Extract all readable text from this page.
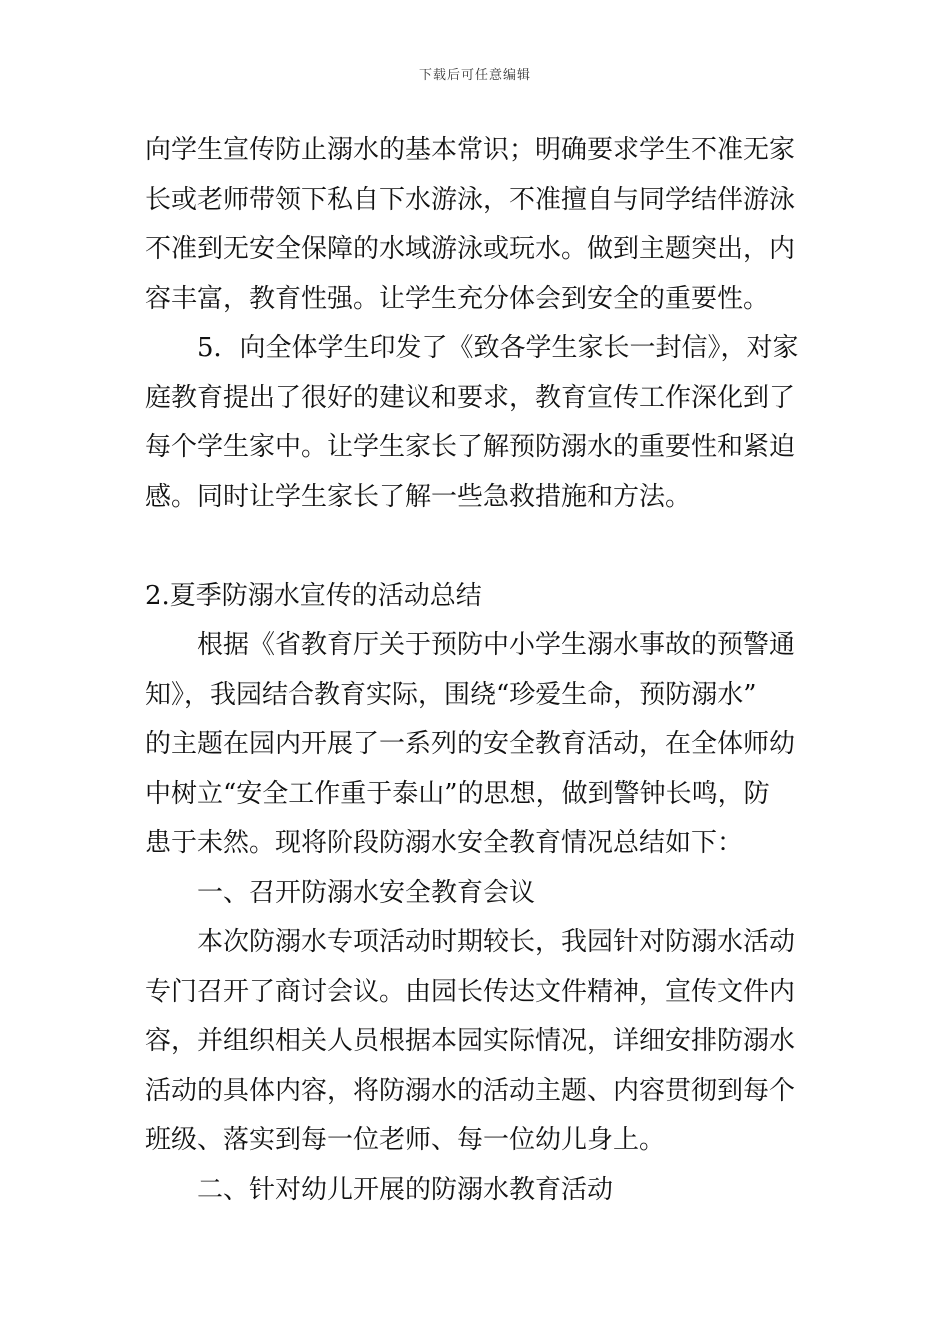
下载后可任意编辑
向学生宣传防止溺水的基本常识；明确要求学生不准无家
长或老师带领下私自下水游泳，不准擅自与同学结伴游泳
不准到无安全保障的水域游泳或玩水。做到主题突出，内
容丰富，教育性强。让学生充分体会到安全的重要性。
5．向全体学生印发了《致各学生家长一封信》，对家
庭教育提出了很好的建议和要求，教育宣传工作深化到了
每个学生家中。让学生家长了解预防溺水的重要性和紧迫
感。同时让学生家长了解一些急救措施和方法。
2.夏季防溺水宣传的活动总结
根据《省教育厅关于预防中小学生溺水事故的预警通
知》，我园结合教育实际，围绕“珍爱生命，预防溺水”
的主题在园内开展了一系列的安全教育活动，在全体师幼
中树立“安全工作重于泰山”的思想，做到警钟长鸣，防
患于未然。现将阶段防溺水安全教育情况总结如下：
一、召开防溺水安全教育会议
本次防溺水专项活动时期较长，我园针对防溺水活动
专门召开了商讨会议。由园长传达文件精神，宣传文件内
容，并组织相关人员根据本园实际情况，详细安排防溺水
活动的具体内容，将防溺水的活动主题、内容贯彻到每个
班级、落实到每一位老师、每一位幼儿身上。
二、针对幼儿开展的防溺水教育活动
